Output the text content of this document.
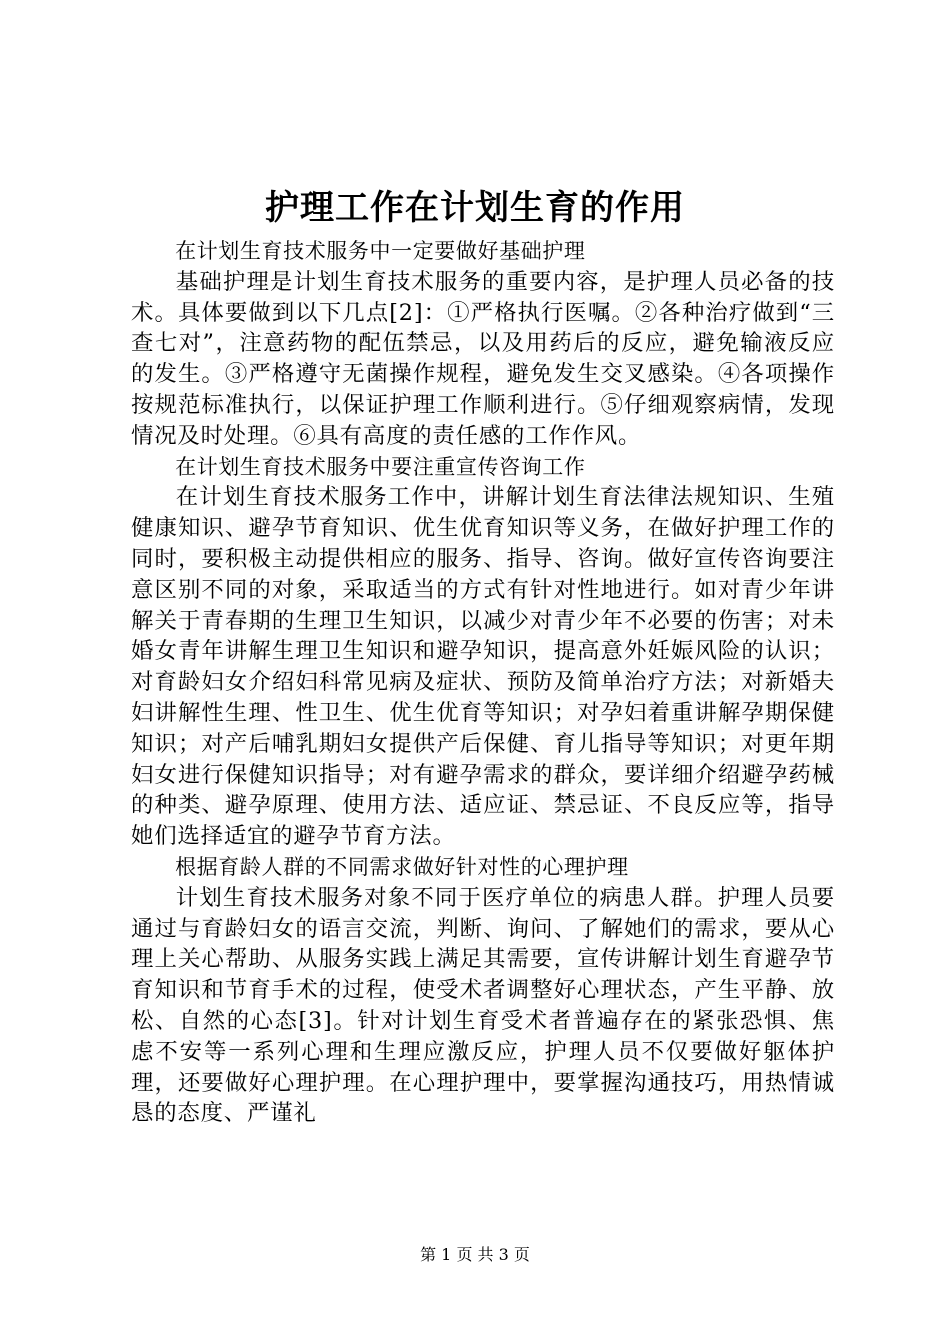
护理工作在计划生育的作用

在计划生育技术服务中一定要做好基础护理

基础护理是计划生育技术服务的重要内容，是护理人员必备的技术。具体要做到以下几点[2]：①严格执行医嘱。②各种治疗做到“三查七对”，注意药物的配伍禁忌，以及用药后的反应，避免输液反应的发生。③严格遵守无菌操作规程，避免发生交叉感染。④各项操作按规范标准执行，以保证护理工作顺利进行。⑤仔细观察病情，发现情况及时处理。⑥具有高度的责任感的工作作风。

在计划生育技术服务中要注重宣传咨询工作

在计划生育技术服务工作中，讲解计划生育法律法规知识、生殖健康知识、避孕节育知识、优生优育知识等义务，在做好护理工作的同时，要积极主动提供相应的服务、指导、咨询。做好宣传咨询要注意区别不同的对象，采取适当的方式有针对性地进行。如对青少年讲解关于青春期的生理卫生知识，以减少对青少年不必要的伤害；对未婚女青年讲解生理卫生知识和避孕知识，提高意外妊娠风险的认识；对育龄妇女介绍妇科常见病及症状、预防及简单治疗方法；对新婚夫妇讲解性生理、性卫生、优生优育等知识；对孕妇着重讲解孕期保健知识；对产后哺乳期妇女提供产后保健、育儿指导等知识；对更年期妇女进行保健知识指导；对有避孕需求的群众，要详细介绍避孕药械的种类、避孕原理、使用方法、适应证、禁忌证、不良反应等，指导她们选择适宜的避孕节育方法。

根据育龄人群的不同需求做好针对性的心理护理

计划生育技术服务对象不同于医疗单位的病患人群。护理人员要通过与育龄妇女的语言交流，判断、询问、了解她们的需求，要从心理上关心帮助、从服务实践上满足其需要，宣传讲解计划生育避孕节育知识和节育手术的过程，使受术者调整好心理状态，产生平静、放松、自然的心态[3]。针对计划生育受术者普遍存在的紧张恐惧、焦虑不安等一系列心理和生理应激反应，护理人员不仅要做好躯体护理，还要做好心理护理。在心理护理中，要掌握沟通技巧，用热情诚恳的态度、严谨礼

第 1 页 共 3 页
